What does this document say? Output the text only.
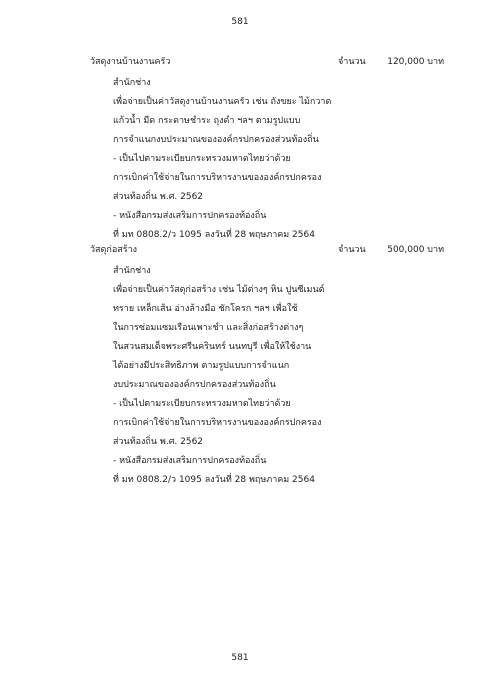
581
วัสดุงานบ้านงานครัว	จำนวน 120,000 บาท
สำนักช่าง
เพื่อจ่ายเป็นค่าวัสดุงานบ้านงานครัว เช่น ถังขยะ ไม้กวาด
แก้วน้ำ มีด กระดาษชำระ ถุงดำ ฯลฯ ตามรูปแบบ
การจำแนกงบประมาณขององค์กรปกครองส่วนท้องถิ่น
- เป็นไปตามระเบียบกระทรวงมหาดไทยว่าด้วย
การเบิกค่าใช้จ่ายในการบริหารงานขององค์กรปกครอง
ส่วนท้องถิ่น พ.ศ. 2562
- หนังสือกรมส่งเสริมการปกครองท้องถิ่น
ที่ มท 0808.2/ว 1095 ลงวันที่ 28 พฤษภาคม 2564
วัสดุก่อสร้าง	จำนวน 500,000 บาท
สำนักช่าง
เพื่อจ่ายเป็นค่าวัสดุก่อสร้าง เช่น ไม้ต่างๆ หิน ปูนซีเมนต์
ทราย เหล็กเส้น อ่างล้างมือ ชักโครก ฯลฯ เพื่อใช้
ในการซ่อมแซมเรือนเพาะชำ และสิ่งก่อสร้างต่างๆ
ในสวนสมเด็จพระศรีนครินทร์ นนทบุรี เพื่อให้ใช้งาน
ได้อย่างมีประสิทธิภาพ ตามรูปแบบการจำแนก
งบประมาณขององค์กรปกครองส่วนท้องถิ่น
- เป็นไปตามระเบียบกระทรวงมหาดไทยว่าด้วย
การเบิกค่าใช้จ่ายในการบริหารงานขององค์กรปกครอง
ส่วนท้องถิ่น พ.ศ. 2562
- หนังสือกรมส่งเสริมการปกครองท้องถิ่น
ที่ มท 0808.2/ว 1095 ลงวันที่ 28 พฤษภาคม 2564
581
